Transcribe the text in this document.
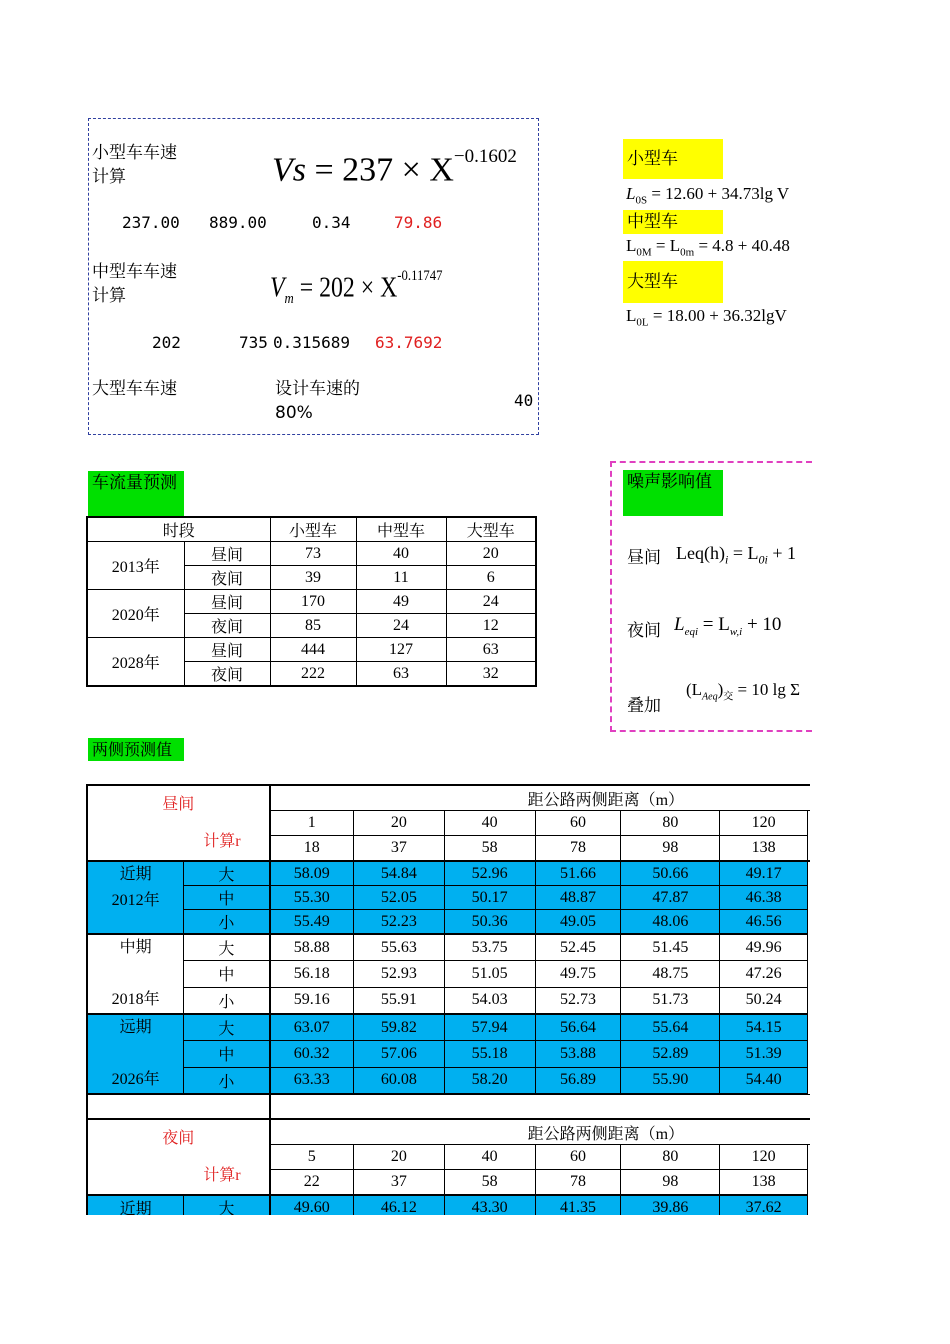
小型车车速计算	$Vs = 237 \times X^{-0.1602}$
237.00 889.00	0.34	79.86
中型车车速计算	$V_m = 202 \times X^{-0.11747}$
202	735 0.315689 63.7692
大型车车速	设计车速的80%
40
小型车
$L_{0S} = 12.60 + 34.73\lg$ V
中型车
$L_{0M} = L_{0m} = 4.8 + 40.48$
大型车
$L_{0L} = 18.00 + 36.32\lg V$
噪声影响值
昼间 $Leq(h)_i = L_{0i} + 1$
夜间 $L_{eqi} = L_{w,i} + 10$
叠加
$(L_{Aeq})_交 = 10$ lg Σ
车流量预测
时段		小型车	中型车	大型车
2013年	昼间	73	40	20
	夜间	39	11	6
2020年	昼间	170	49	24
	夜间	85	24	12
2028年	昼间	444	127	63
	夜间	222	63	32
两侧预测值
昼间
计算r		距公路两侧距离（m）						
		1	20	40	60	80	120	
		18	37	58	78	98	138	

近期
2012年	大	58.09	54.84	52.96	51.66	50.66	49.17	
	中	55.30	52.05	50.17	48.87	47.87	46.38	
	小	55.49	52.23	50.36	49.05	48.06	46.56	

中期
2018年	大	58.88	55.63	53.75	52.45	51.45	49.96	
	中	56.18	52.93	51.05	49.75	48.75	47.26	
	小	59.16	55.91	54.03	52.73	51.73	50.24	

远期
2026年	大	63.07	59.82	57.94	56.64	55.64	54.15	
	中	60.32	57.06	55.18	53.88	52.89	51.39	
	小	63.33	60.08	58.20	56.89	55.90	54.40	

夜间
计算r		距公路两侧距离（m）						
		5	20	40	60	80	120	
		22	37	58	78	98	138	
近期	大	49.60	46.12	43.30	41.35	39.86	37.62	
